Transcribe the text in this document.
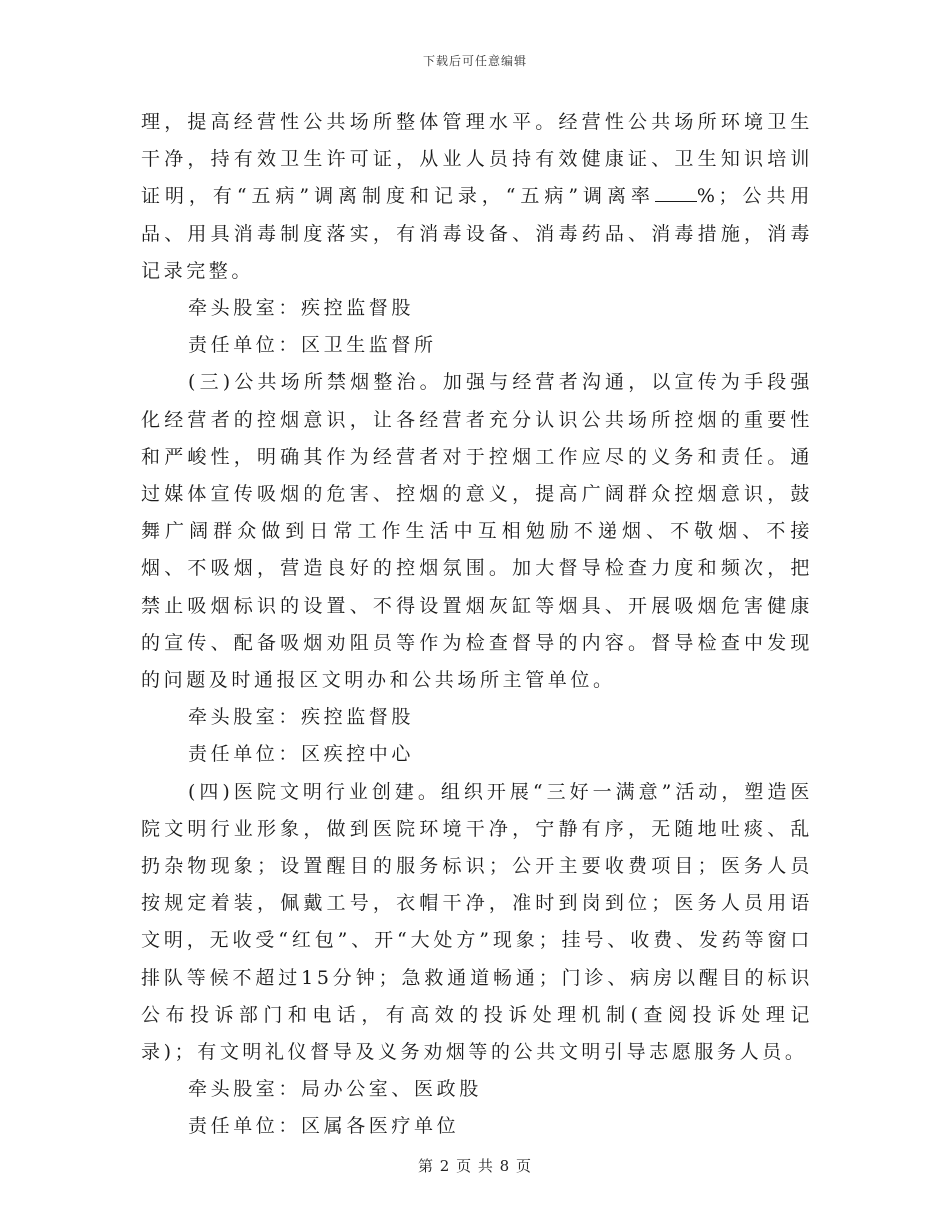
下载后可任意编辑

理，提高经营性公共场所整体管理水平。经营性公共场所环境卫生干净，持有效卫生许可证，从业人员持有效健康证、卫生知识培训证明，有“五病”调离制度和记录，“五病”调离率 %；公共用品、用具消毒制度落实，有消毒设备、消毒药品、消毒措施，消毒记录完整。

牵头股室：疾控监督股

责任单位：区卫生监督所

(三)公共场所禁烟整治。加强与经营者沟通，以宣传为手段强化经营者的控烟意识，让各经营者充分认识公共场所控烟的重要性和严峻性，明确其作为经营者对于控烟工作应尽的义务和责任。通过媒体宣传吸烟的危害、控烟的意义，提高广阔群众控烟意识，鼓舞广阔群众做到日常工作生活中互相勉励不递烟、不敬烟、不接烟、不吸烟，营造良好的控烟氛围。加大督导检查力度和频次，把禁止吸烟标识的设置、不得设置烟灰缸等烟具、开展吸烟危害健康的宣传、配备吸烟劝阻员等作为检查督导的内容。督导检查中发现的问题及时通报区文明办和公共场所主管单位。

牵头股室：疾控监督股

责任单位：区疾控中心

(四)医院文明行业创建。组织开展“三好一满意”活动，塑造医院文明行业形象，做到医院环境干净，宁静有序，无随地吐痰、乱扔杂物现象；设置醒目的服务标识；公开主要收费项目；医务人员按规定着装，佩戴工号，衣帽干净，准时到岗到位；医务人员用语文明，无收受“红包”、开“大处方”现象；挂号、收费、发药等窗口排队等候不超过15分钟；急救通道畅通；门诊、病房以醒目的标识公布投诉部门和电话，有高效的投诉处理机制(查阅投诉处理记录)；有文明礼仪督导及义务劝烟等的公共文明引导志愿服务人员。

牵头股室：局办公室、医政股

责任单位：区属各医疗单位

第 2 页 共 8 页
